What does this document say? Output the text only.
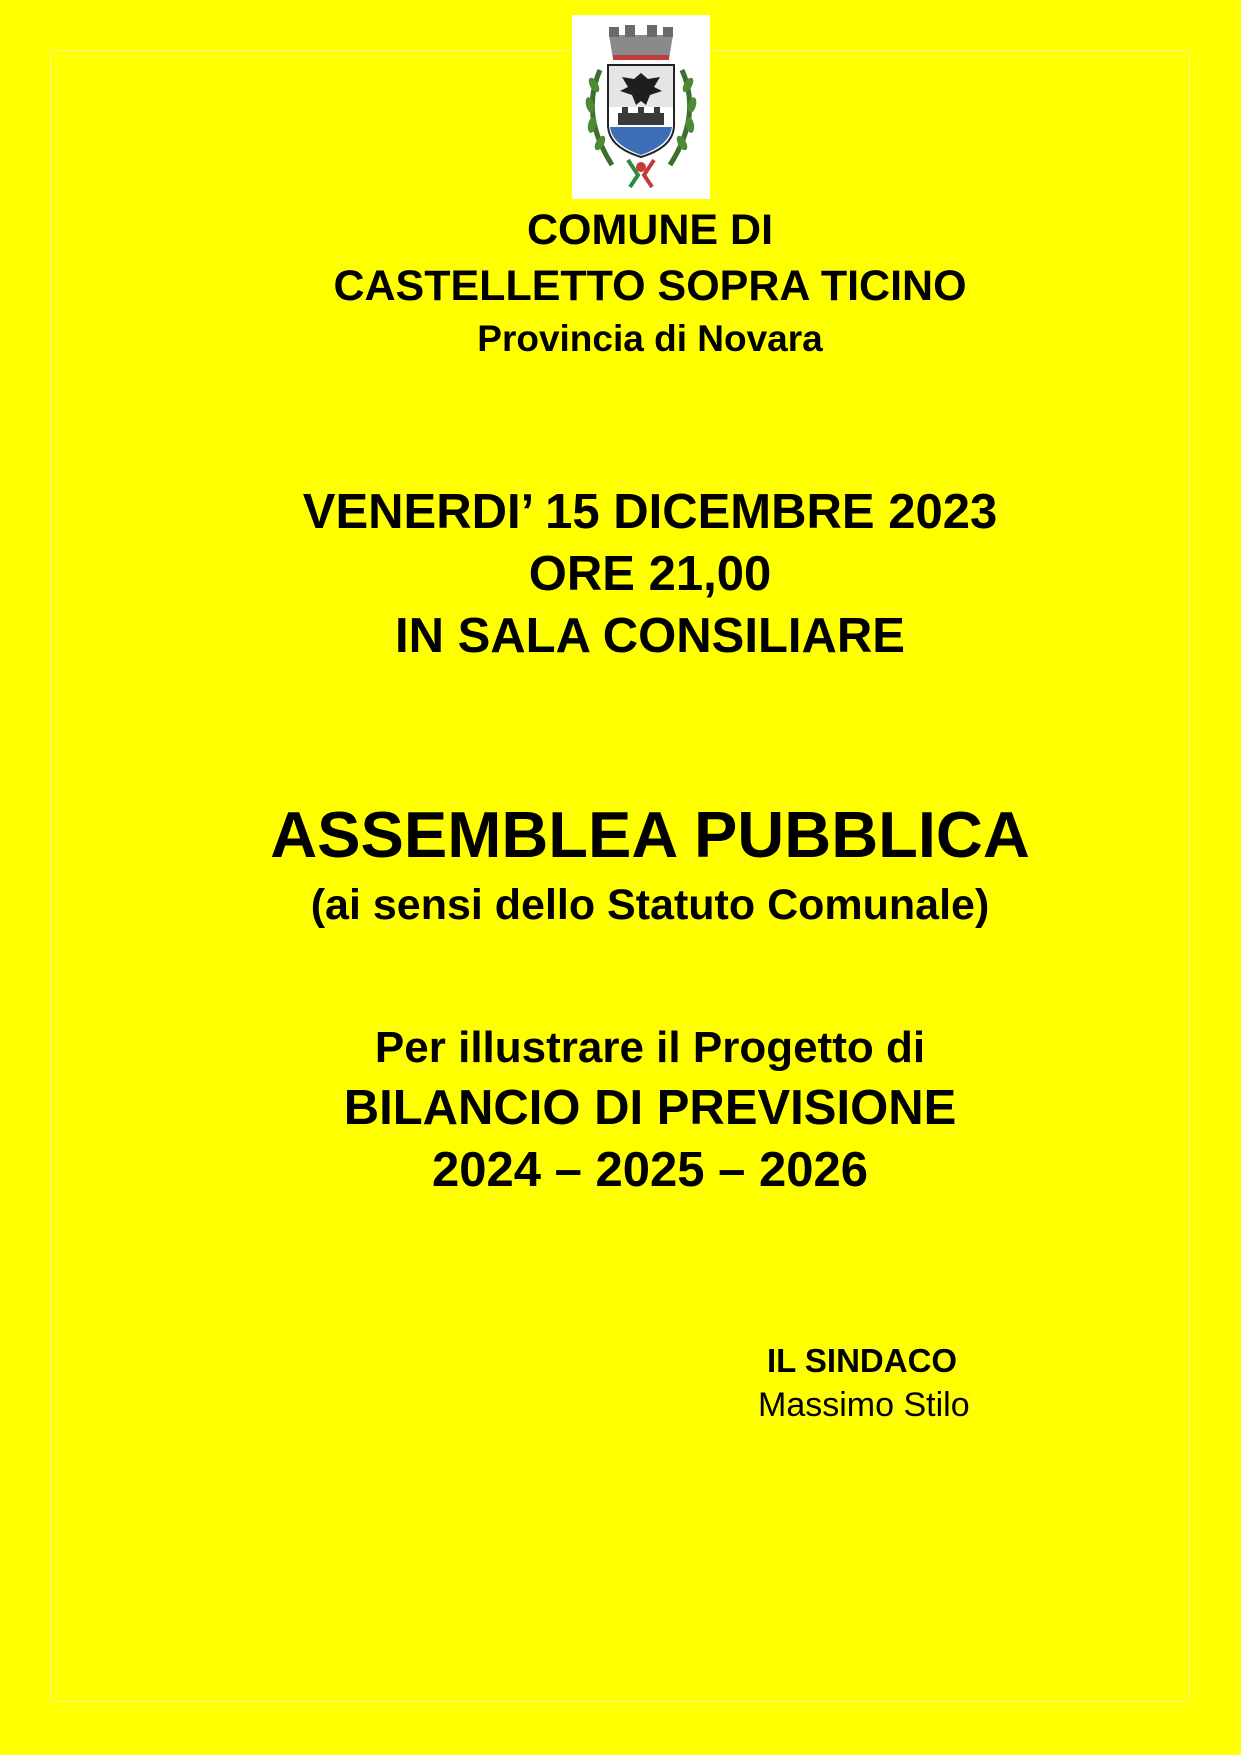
COMUNE DI
CASTELLETTO SOPRA TICINO
Provincia di Novara
VENERDI’ 15 DICEMBRE 2023
ORE 21,00
IN SALA CONSILIARE
ASSEMBLEA PUBBLICA
(ai sensi dello Statuto Comunale)
Per illustrare il Progetto di
BILANCIO DI PREVISIONE
2024 – 2025 – 2026
IL SINDACO
Massimo Stilo
